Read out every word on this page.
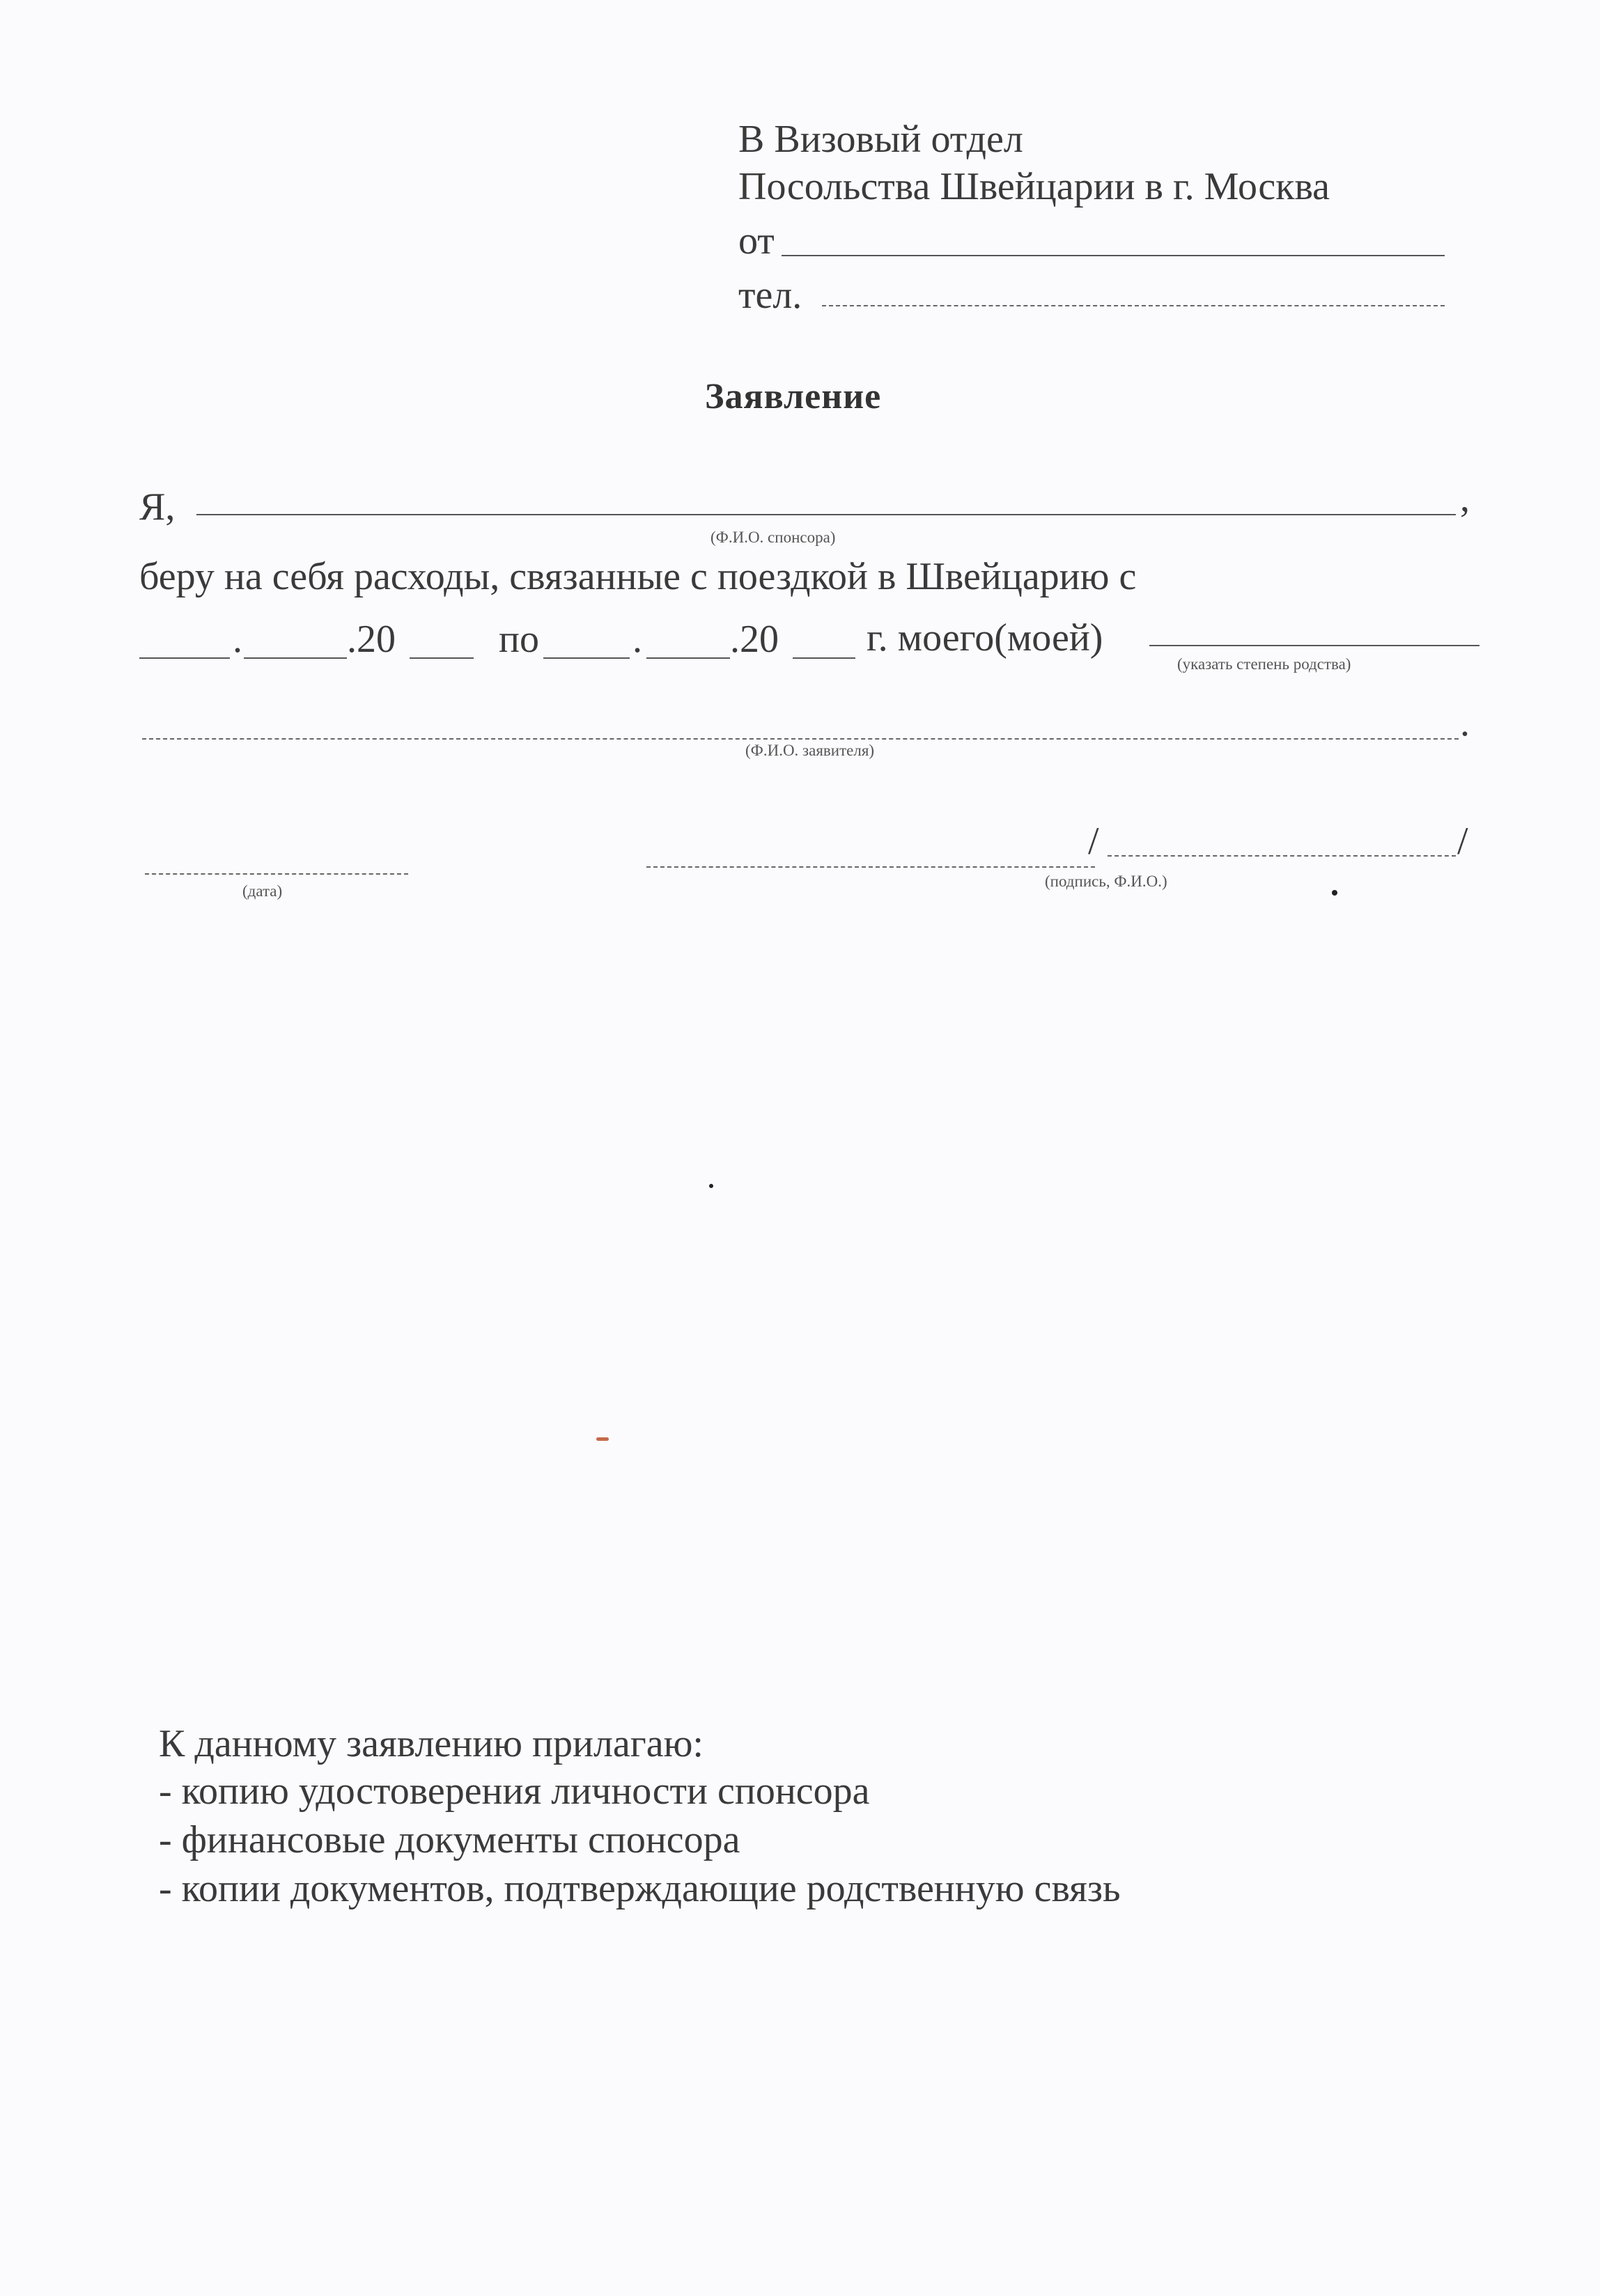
В Визовый отдел
Посольства Швейцарии в г. Москва
от
тел.
Заявление
Я,	,
(Ф.И.О. спонсора)
беру на себя расходы, связанные с поездкой в Швейцарию с
.	.20	по . .20 г. моего(моей)
(указать степень родства)
.
(Ф.И.О. заявителя)
(дата)
/	/
(подпись, Ф.И.О.)
К данному заявлению прилагаю:
- копию удостоверения личности спонсора
- финансовые документы спонсора
- копии документов, подтверждающие родственную связь
